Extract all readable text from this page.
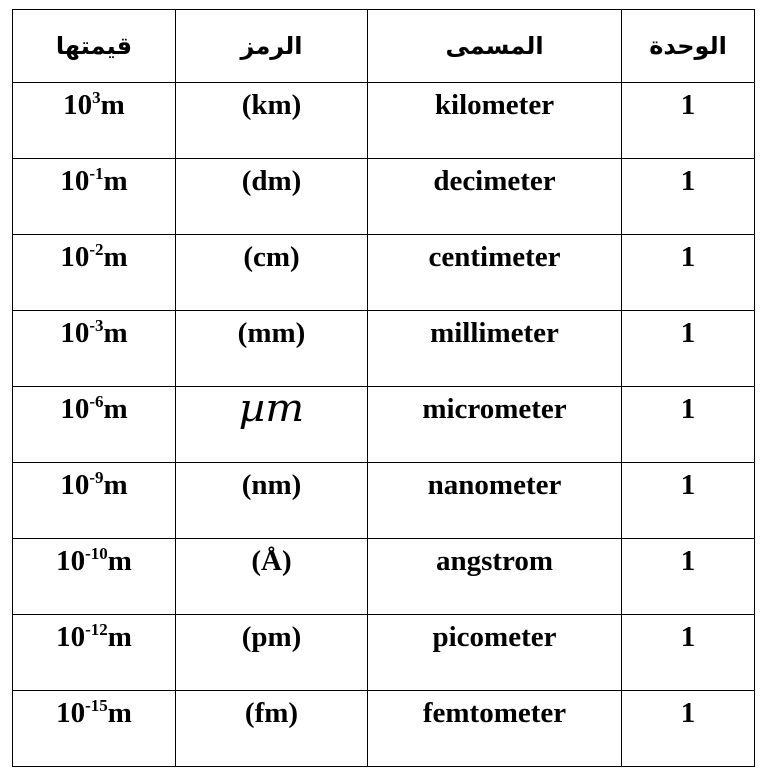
قيمتها	الرمز	المسمى	الوحدة

$10^3m$	(km)	kilometer	1

$10^{-1}m$	(dm)	decimeter	1

$10^{-2}m$	(cm)	centimeter	1

$10^{-3}m$	(mm)	millimeter	1

$10^{-6}m$	µm	micrometer	1

$10^{-9}m$	(nm)	nanometer	1

$10^{-10}m$	(Å)	angstrom	1

$10^{-12}m$	(pm)	picometer	1

$10^{-15}m$	(fm)	femtometer	1
